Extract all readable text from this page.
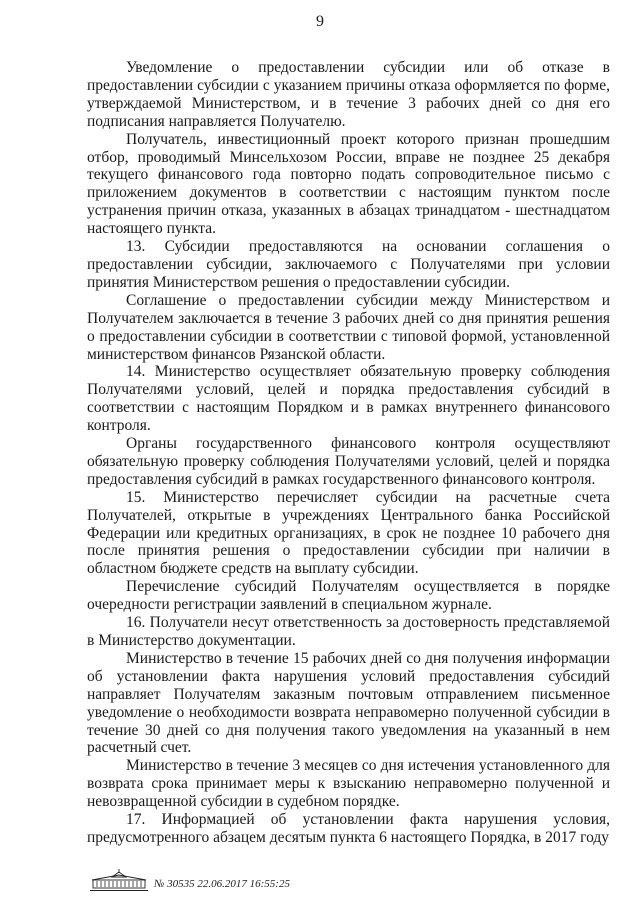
9

Уведомление о предоставлении субсидии или об отказе в предоставлении субсидии с указанием причины отказа оформляется по форме, утверждаемой Министерством, и в течение 3 рабочих дней со дня его подписания направляется Получателю.

Получатель, инвестиционный проект которого признан прошедшим отбор, проводимый Минсельхозом России, вправе не позднее 25 декабря текущего финансового года повторно подать сопроводительное письмо с приложением документов в соответствии с настоящим пунктом после устранения причин отказа, указанных в абзацах тринадцатом - шестнадцатом настоящего пункта.

13. Субсидии предоставляются на основании соглашения о предоставлении субсидии, заключаемого с Получателями при условии принятия Министерством решения о предоставлении субсидии.

Соглашение о предоставлении субсидии между Министерством и Получателем заключается в течение 3 рабочих дней со дня принятия решения о предоставлении субсидии в соответствии с типовой формой, установленной министерством финансов Рязанской области.

14. Министерство осуществляет обязательную проверку соблюдения Получателями условий, целей и порядка предоставления субсидий в соответствии с настоящим Порядком и в рамках внутреннего финансового контроля.

Органы государственного финансового контроля осуществляют обязательную проверку соблюдения Получателями условий, целей и порядка предоставления субсидий в рамках государственного финансового контроля.

15. Министерство перечисляет субсидии на расчетные счета Получателей, открытые в учреждениях Центрального банка Российской Федерации или кредитных организациях, в срок не позднее 10 рабочего дня после принятия решения о предоставлении субсидии при наличии в областном бюджете средств на выплату субсидии.

Перечисление субсидий Получателям осуществляется в порядке очередности регистрации заявлений в специальном журнале.

16. Получатели несут ответственность за достоверность представляемой в Министерство документации.

Министерство в течение 15 рабочих дней со дня получения информации об установлении факта нарушения условий предоставления субсидий направляет Получателям заказным почтовым отправлением письменное уведомление о необходимости возврата неправомерно полученной субсидии в течение 30 дней со дня получения такого уведомления на указанный в нем расчетный счет.

Министерство в течение 3 месяцев со дня истечения установленного для возврата срока принимает меры к взысканию неправомерно полученной и невозвращенной субсидии в судебном порядке.

17. Информацией об установлении факта нарушения условия, предусмотренного абзацем десятым пункта 6 настоящего Порядка, в 2017 году

№ 30535 22.06.2017 16:55:25
